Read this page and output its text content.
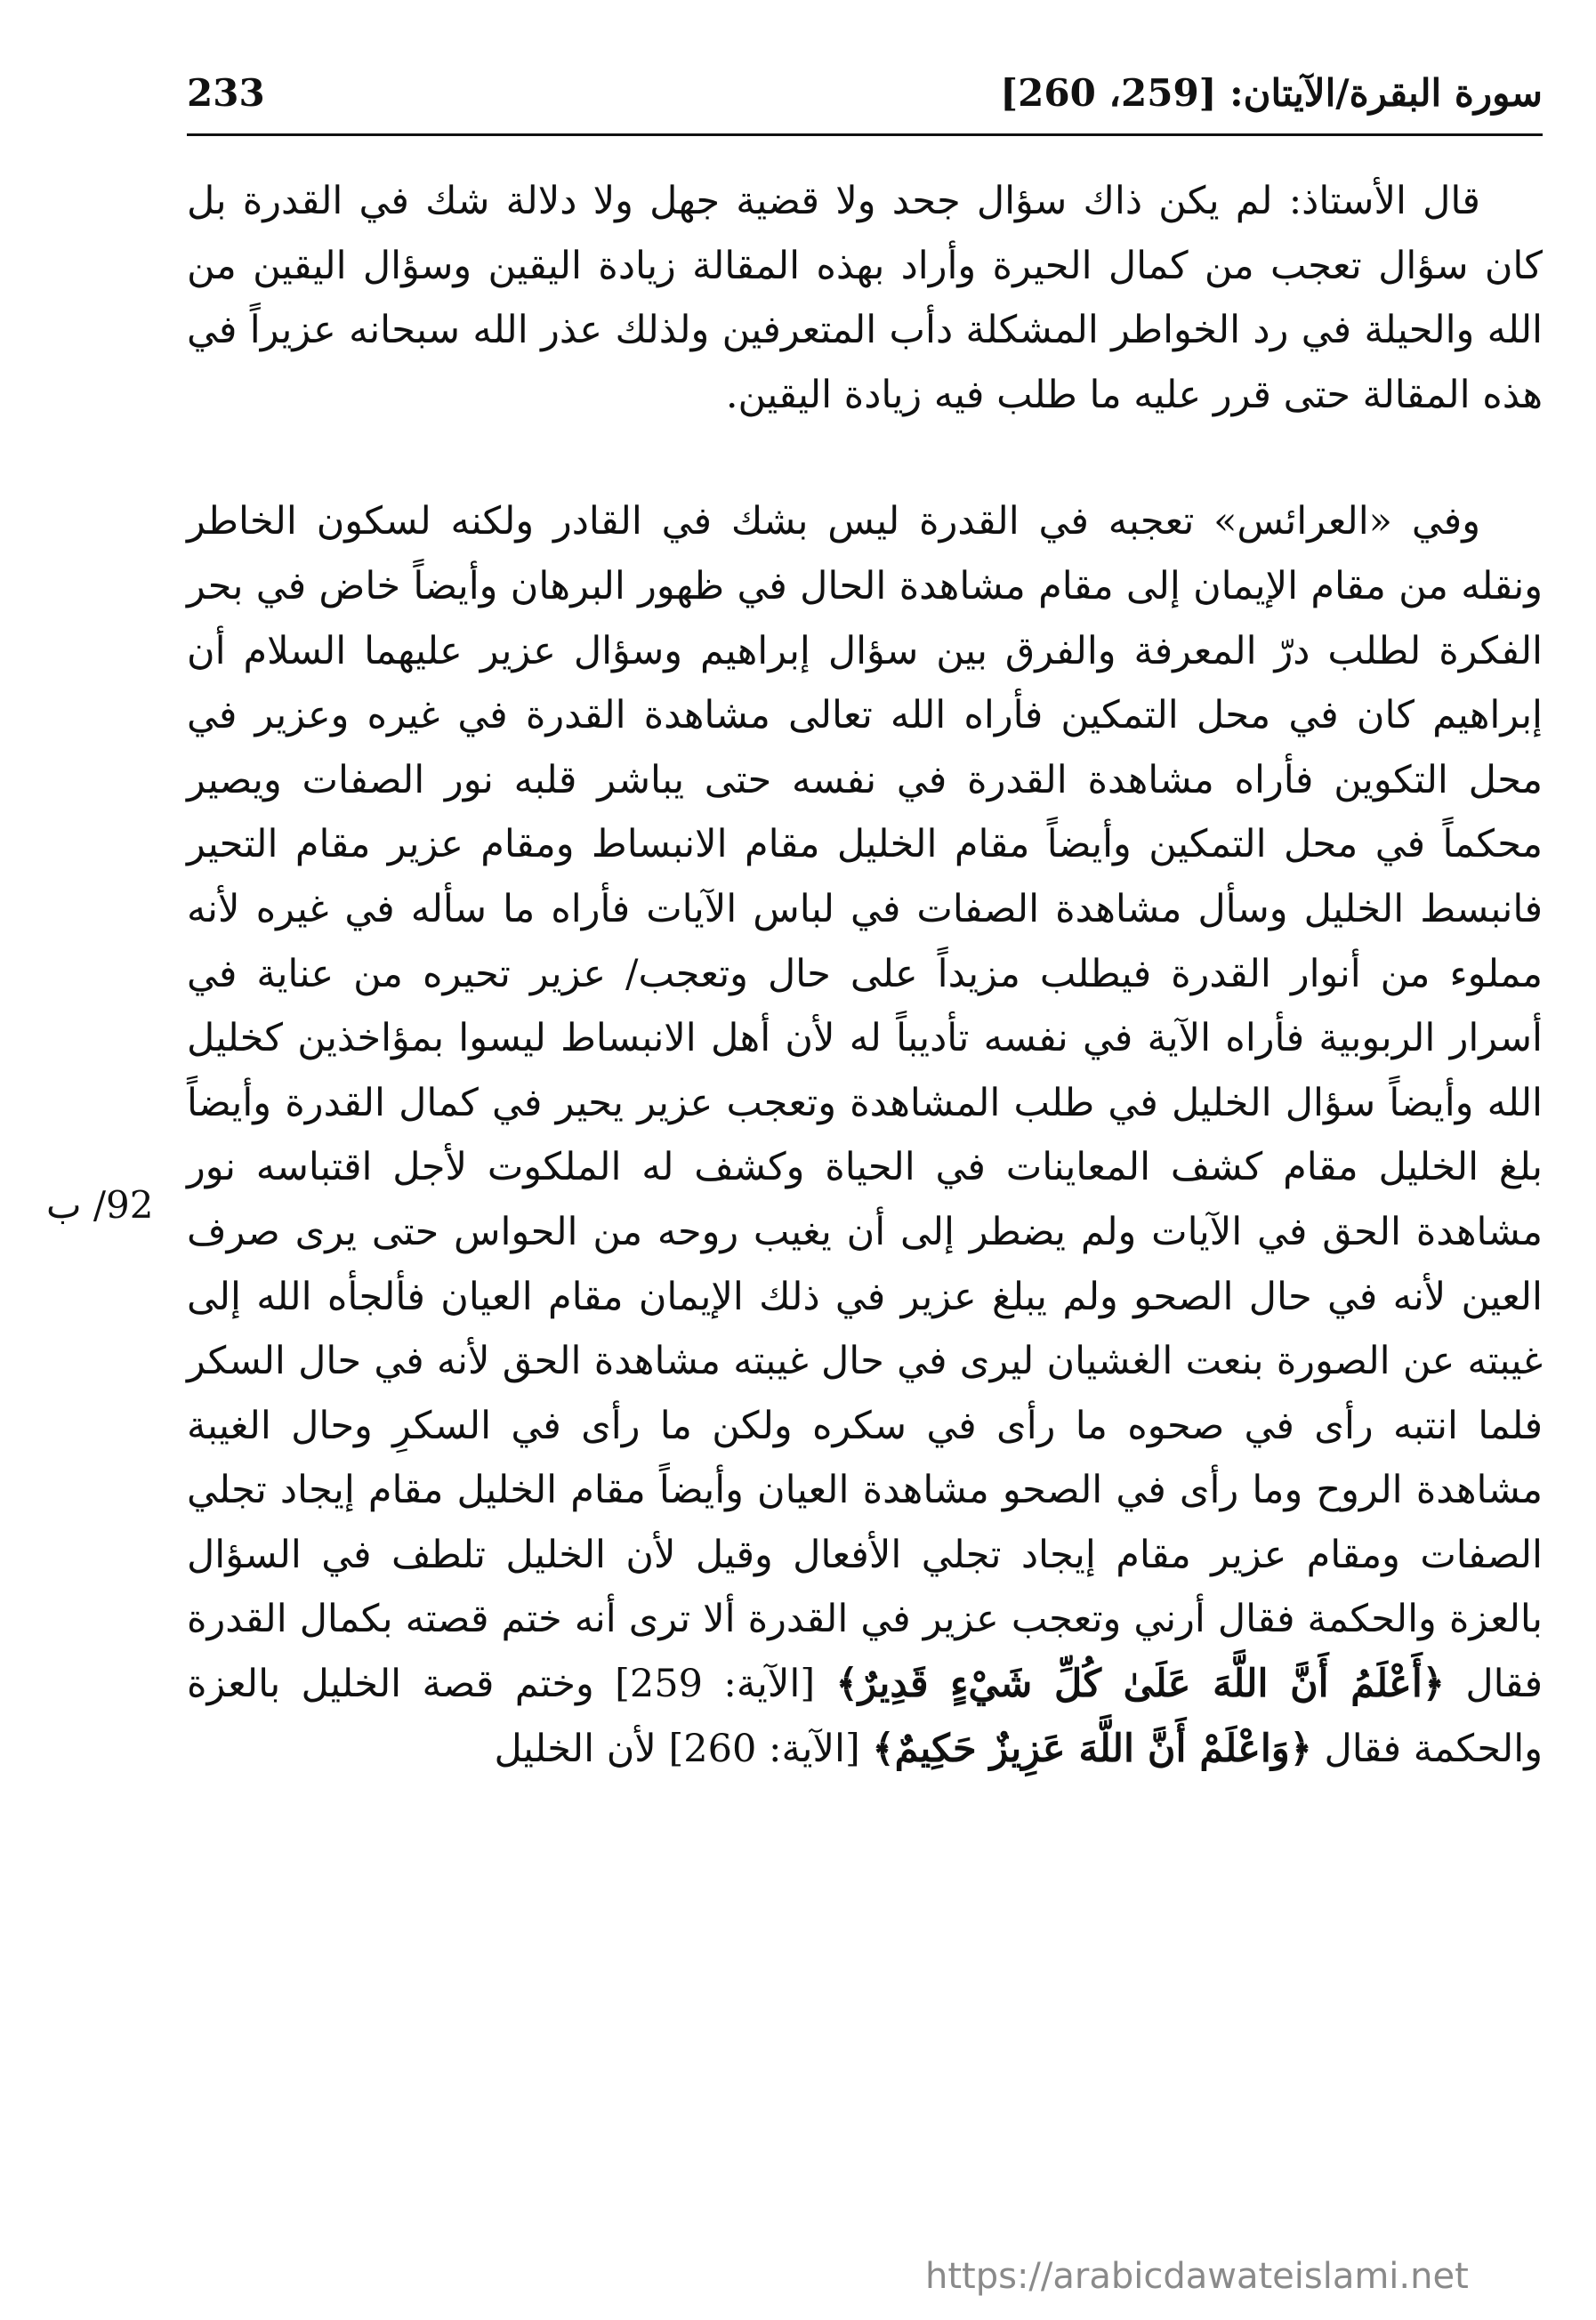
233	سورة البقرة/الآيتان: [259، 260]

قال الأستاذ: لم يكن ذاك سؤال جحد ولا قضية جهل ولا دلالة شك في القدرة بل كان سؤال تعجب من كمال الحيرة وأراد بهذه المقالة زيادة اليقين وسؤال اليقين من الله والحيلة في رد الخواطر المشكلة دأب المتعرفين ولذلك عذر الله سبحانه عزيراً في هذه المقالة حتى قرر عليه ما طلب فيه زيادة اليقين.

وفي «العرائس» تعجبه في القدرة ليس بشك في القادر ولكنه لسكون الخاطر ونقله من مقام الإيمان إلى مقام مشاهدة الحال في ظهور البرهان وأيضاً خاض في بحر الفكرة لطلب درّ المعرفة والفرق بين سؤال إبراهيم وسؤال عزير عليهما السلام أن إبراهيم كان في محل التمكين فأراه الله تعالى مشاهدة القدرة في غيره وعزير في محل التكوين فأراه مشاهدة القدرة في نفسه حتى يباشر قلبه نور الصفات ويصير محكماً في محل التمكين وأيضاً مقام الخليل مقام الانبساط ومقام عزير مقام التحير فانبسط الخليل وسأل مشاهدة الصفات في لباس الآيات فأراه ما سأله في غيره لأنه مملوء من أنوار القدرة فيطلب مزيداً على حال وتعجب/ عزير تحيره من عناية في أسرار الربوبية فأراه الآية في نفسه تأديباً له لأن أهل الانبساط ليسوا بمؤاخذين كخليل الله وأيضاً سؤال الخليل في طلب المشاهدة وتعجب عزير يحير في كمال القدرة وأيضاً بلغ الخليل مقام كشف المعاينات في الحياة وكشف له الملكوت لأجل اقتباسه نور مشاهدة الحق في الآيات ولم يضطر إلى أن يغيب روحه من الحواس حتى يرى صرف العين لأنه في حال الصحو ولم يبلغ عزير في ذلك الإيمان مقام العيان فألجأه الله إلى غيبته عن الصورة بنعت الغشيان ليرى في حال غيبته مشاهدة الحق لأنه في حال السكر فلما انتبه رأى في صحوه ما رأى في سكره ولكن ما رأى في السكرِ وحال الغيبة مشاهدة الروح وما رأى في الصحو مشاهدة العيان وأيضاً مقام الخليل مقام إيجاد تجلي الصفات ومقام عزير مقام إيجاد تجلي الأفعال وقيل لأن الخليل تلطف في السؤال بالعزة والحكمة فقال أرني وتعجب عزير في القدرة ألا ترى أنه ختم قصته بكمال القدرة فقال ﴿أَعْلَمُ أَنَّ اللَّهَ عَلَىٰ كُلِّ شَيْءٍ قَدِيرٌ﴾ [الآية: 259] وختم قصة الخليل بالعزة والحكمة فقال ﴿وَاعْلَمْ أَنَّ اللَّهَ عَزِيزٌ حَكِيمٌ﴾ [الآية: 260] لأن الخليل

92/ ب
https://arabicdawateislami.net
